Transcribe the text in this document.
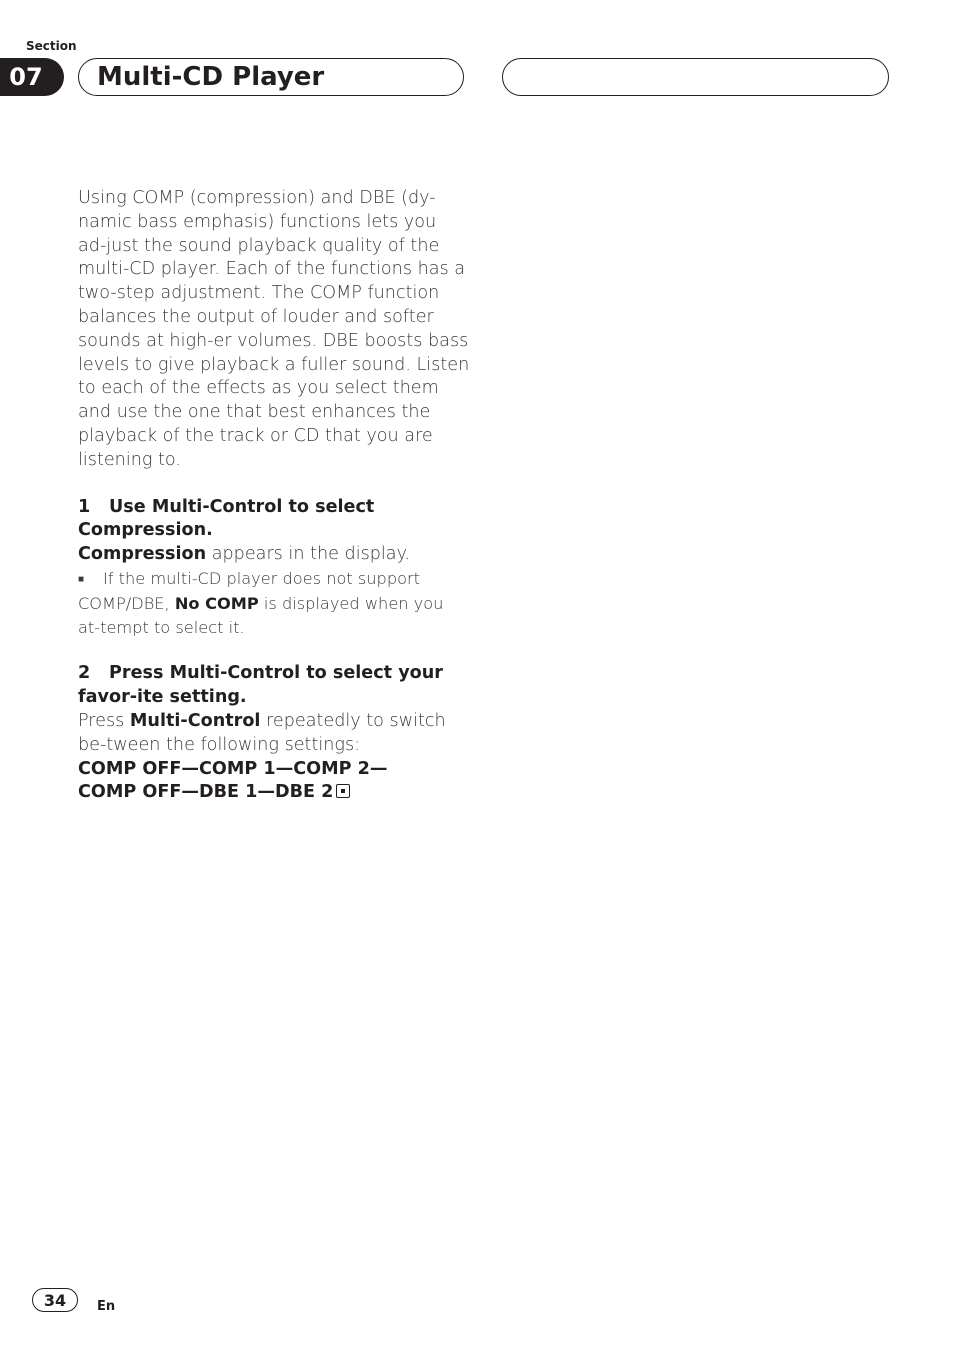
Section
07	Multi-CD Player

Using COMP (compression) and DBE (dy-namic bass emphasis) functions lets you ad-just the sound playback quality of the multi-CD player. Each of the functions has a two-step adjustment. The COMP function balances the output of louder and softer sounds at high-er volumes. DBE boosts bass levels to give playback a fuller sound. Listen to each of the effects as you select them and use the one that best enhances the playback of the track or CD that you are listening to.

1 Use Multi-Control to select Compression.

Compression appears in the display.

■ If the multi-CD player does not support COMP/DBE, No COMP is displayed when you at-tempt to select it.

2 Press Multi-Control to select your favor-ite setting.

Press Multi-Control repeatedly to switch be-tween the following settings:

COMP OFF—COMP 1—COMP 2—

COMP OFF—DBE 1—DBE 2

34	En
